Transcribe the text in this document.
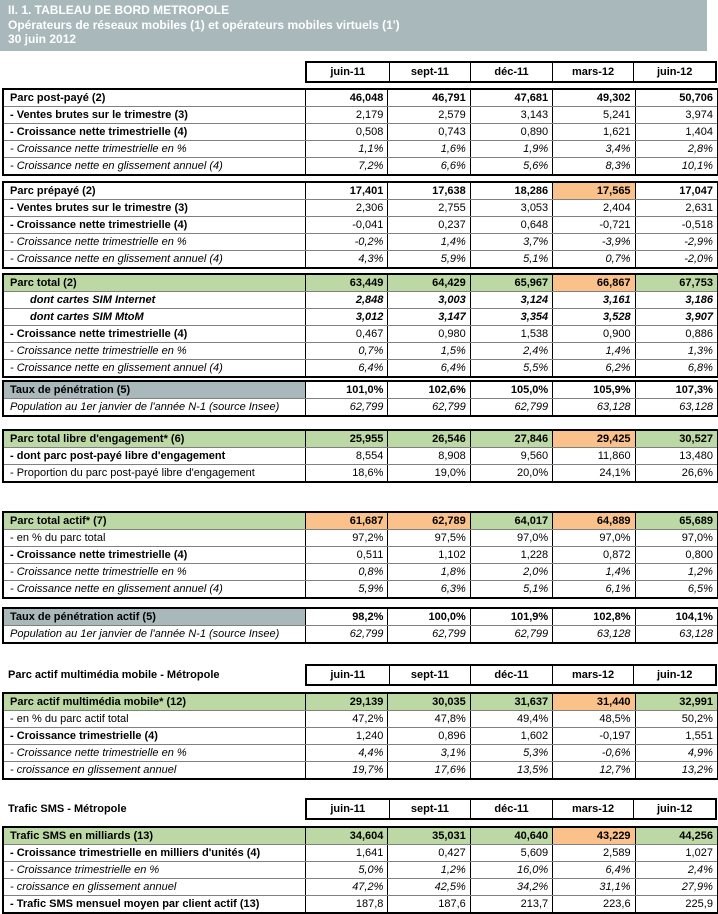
II. 1. TABLEAU DE BORD METROPOLE
Opérateurs de réseaux mobiles (1) et opérateurs mobiles virtuels (1')
30 juin 2012
juin-11	sept-11	déc-11	mars-12	juin-12
Parc post-payé (2)	46,048	46,791	47,681	49,302	50,706
- Ventes brutes sur le trimestre (3)	2,179	2,579	3,143	5,241	3,974
- Croissance nette trimestrielle (4)	0,508	0,743	0,890	1,621	1,404
- Croissance nette trimestrielle en %	1,1%	1,6%	1,9%	3,4%	2,8%
- Croissance nette en glissement annuel (4)	7,2%	6,6%	5,6%	8,3%	10,1%
Parc prépayé (2)	17,401	17,638	18,286	17,565	17,047
- Ventes brutes sur le trimestre (3)	2,306	2,755	3,053	2,404	2,631
- Croissance nette trimestrielle (4)	-0,041	0,237	0,648	-0,721	-0,518
- Croissance nette trimestrielle en %	-0,2%	1,4%	3,7%	-3,9%	-2,9%
- Croissance nette en glissement annuel (4)	4,3%	5,9%	5,1%	0,7%	-2,0%
Parc total (2)	63,449	64,429	65,967	66,867	67,753
dont cartes SIM Internet	2,848	3,003	3,124	3,161	3,186
dont cartes SIM MtoM	3,012	3,147	3,354	3,528	3,907
- Croissance nette trimestrielle (4)	0,467	0,980	1,538	0,900	0,886
- Croissance nette trimestrielle en %	0,7%	1,5%	2,4%	1,4%	1,3%
- Croissance nette en glissement annuel (4)	6,4%	6,4%	5,5%	6,2%	6,8%
Taux de pénétration (5)	101,0%	102,6%	105,0%	105,9%	107,3%
Population au 1er janvier de l'année N-1 (source Insee)	62,799	62,799	62,799	63,128	63,128
Parc total libre d'engagement* (6)	25,955	26,546	27,846	29,425	30,527
- dont parc post-payé libre d'engagement	8,554	8,908	9,560	11,860	13,480
- Proportion du parc post-payé libre d'engagement	18,6%	19,0%	20,0%	24,1%	26,6%
Parc total actif* (7)	61,687	62,789	64,017	64,889	65,689
- en % du parc total	97,2%	97,5%	97,0%	97,0%	97,0%
- Croissance nette trimestrielle (4)	0,511	1,102	1,228	0,872	0,800
- Croissance nette trimestrielle en %	0,8%	1,8%	2,0%	1,4%	1,2%
- Croissance nette en glissement annuel (4)	5,9%	6,3%	5,1%	6,1%	6,5%
Taux de pénétration actif (5)	98,2%	100,0%	101,9%	102,8%	104,1%
Population au 1er janvier de l'année N-1 (source Insee)	62,799	62,799	62,799	63,128	63,128
Parc actif multimédia mobile - Métropole	juin-11	sept-11	déc-11	mars-12	juin-12
Parc actif multimédia mobile* (12)	29,139	30,035	31,637	31,440	32,991
- en % du parc actif total	47,2%	47,8%	49,4%	48,5%	50,2%
- Croissance trimestrielle (4)	1,240	0,896	1,602	-0,197	1,551
- Croissance nette trimestrielle en %	4,4%	3,1%	5,3%	-0,6%	4,9%
- croissance en glissement annuel	19,7%	17,6%	13,5%	12,7%	13,2%
Trafic SMS - Métropole	juin-11	sept-11	déc-11	mars-12	juin-12
Trafic SMS en milliards (13)	34,604	35,031	40,640	43,229	44,256
- Croissance trimestrielle en milliers d'unités (4)	1,641	0,427	5,609	2,589	1,027
- Croissance trimestrielle en %	5,0%	1,2%	16,0%	6,4%	2,4%
- croissance en glissement annuel	47,2%	42,5%	34,2%	31,1%	27,9%
- Trafic SMS mensuel moyen par client actif (13)	187,8	187,6	213,7	223,6	225,9
